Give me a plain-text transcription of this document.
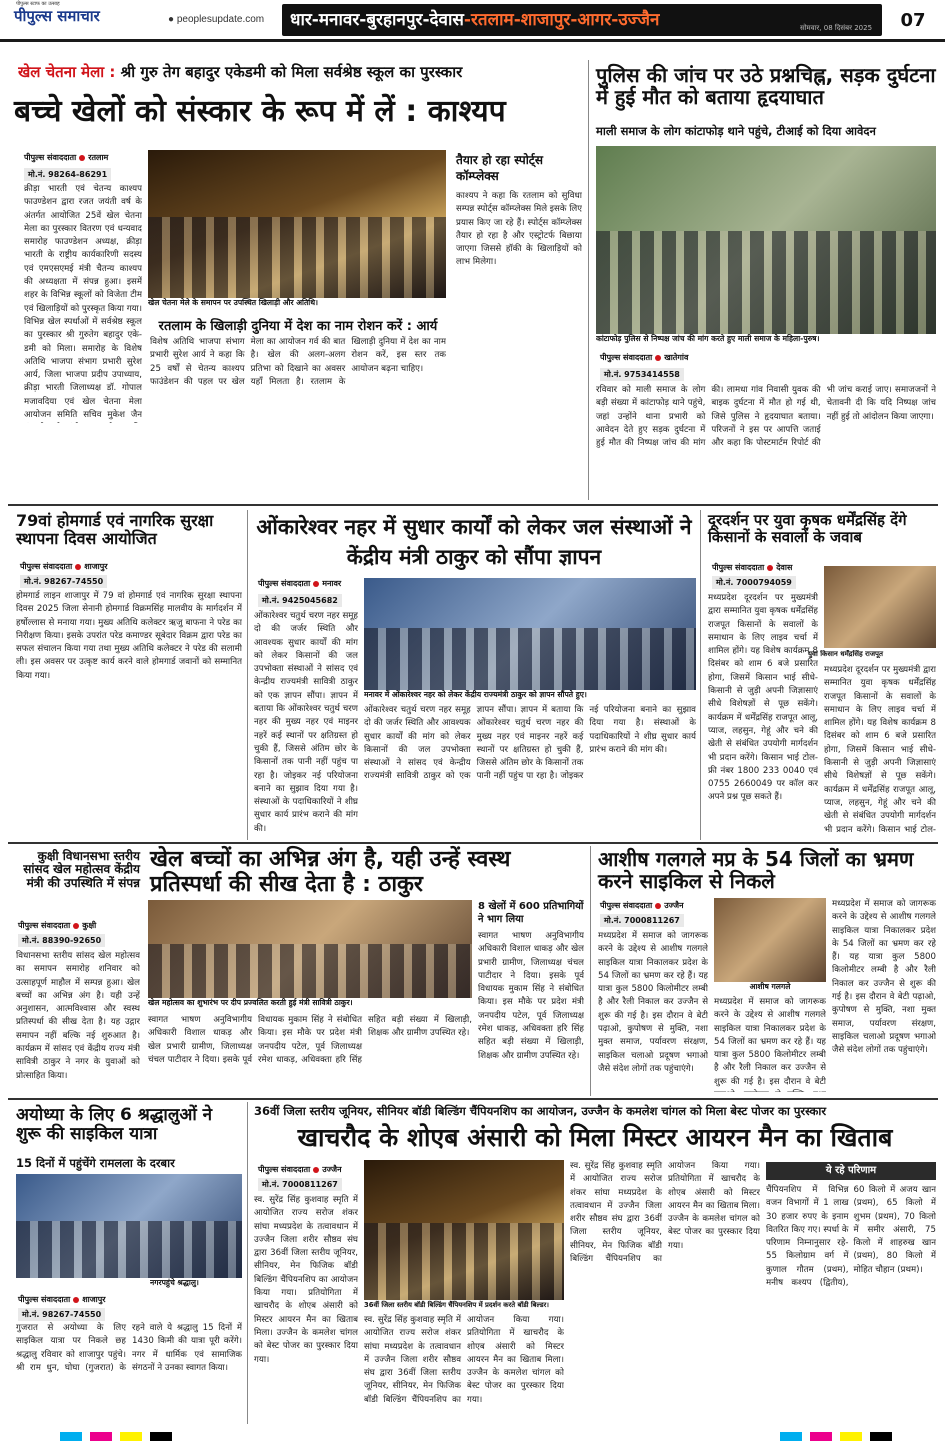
पीपुल्स स्टाफ का उत्साह
पीपुल्स समाचार	● peoplesupdate.com	धार-मनावर-बुरहानपुर-देवास-रतलाम-शाजापुर-आगर-उज्जैन	सोमवार, 08 दिसंबर 2025	07
खेल चेतना मेला : श्री गुरु तेग बहादुर एकेडमी को मिला सर्वश्रेष्ठ स्कूल का पुरस्कार
बच्चे खेलों को संस्कार के रूप में लें : काश्यप
पीपुल्स संवाददाता रतलाम
मो.नं. 98264-86291
क्रीड़ा भारती एवं चेतन्य काश्यप फाउण्डेशन द्वारा रजत जयंती वर्ष के अंतर्गत आयोजित 25वें खेल चेतना मेला का पुरस्कार वितरण एवं धन्यवाद समारोह फाउण्डेशन अध्यक्ष, क्रीड़ा भारती के राष्ट्रीय कार्यकारिणी सदस्य एवं एमएसएमई मंत्री चैतन्य काश्यप की अध्यक्षता में संपन्न हुआ। इसमें शहर के विभिन्न स्कूलों को विजेता टीम एवं खिलाड़ियों को पुरस्कृत किया गया। विभिन्न खेल स्पर्धाओं में सर्वश्रेष्ठ स्कूल का पुरस्कार श्री गुरुतेग बहादुर एके-डमी को मिला। समारोह के विशेष अतिथि भाजपा संभाग प्रभारी सुरेश आर्य, जिला भाजपा प्रदीप उपाध्याय, क्रीड़ा भारती जिलाध्यक्ष डॉ. गोपाल मजावदिया एवं खेल चेतना मेला आयोजन समिति सचिव मुकेश जैन
खेल चेतना मेले के समापन पर उपस्थित खिलाड़ी और अतिथि।
तैयार हो रहा स्पोर्ट्स कॉम्प्लेक्स
काश्यप ने कहा कि रतलाम को सुविधा सम्पन्न स्पोर्ट्स कॉम्प्लेक्स मिले इसके लिए प्रयास किए जा रहे हैं। स्पोर्ट्स कॉम्प्लेक्स तैयार हो रहा है और एस्ट्रोटर्फ बिछाया जाएगा जिससे हॉकी के खिलाड़ियों को लाभ मिलेगा।
रतलाम के खिलाड़ी दुनिया में देश का नाम रोशन करें : आर्य
विशेष अतिथि भाजपा संभाग प्रभारी सुरेश आर्य ने कहा कि 25 वर्षों से चेतन्य काश्यप फाउंडेशन की पहल पर खेल मेला का आयोजन गर्व की बात है। खेल की अलग-अलग प्रतिभा को दिखाने का अवसर यहाँ मिलता है। रतलाम के खिलाड़ी दुनिया में देश का नाम रोशन करें, इस स्तर तक आयोजन बढ़ना चाहिए।
पुलिस की जांच पर उठे प्रश्नचिह्न, सड़क दुर्घटना में हुई मौत को बताया हृदयाघात
माली समाज के लोग कांटाफोड़ थाने पहुंचे, टीआई को दिया आवेदन
कांटाफोड़ पुलिस से निष्पक्ष जांच की मांग करते हुए माली समाज के महिला-पुरुष।
पीपुल्स संवाददाता खातेगांव
मो.नं. 9753414558
रविवार को माली समाज के लोग बड़ी संख्या में कांटाफोड़ थाने पहुंचे, जहां उन्होंने थाना प्रभारी को आवेदन देते हुए सड़क दुर्घटना में हुई मौत की निष्पक्ष जांच की मांग की। लामधा गांव निवासी युवक की बाइक दुर्घटना में मौत हो गई थी, जिसे पुलिस ने हृदयाघात बताया। परिजनों ने इस पर आपत्ति जताई और कहा कि पोस्टमार्टम रिपोर्ट की भी जांच कराई जाए। समाजजनों ने चेतावनी दी कि यदि निष्पक्ष जांच नहीं हुई तो आंदोलन किया जाएगा।
79वां होमगार्ड एवं नागरिक सुरक्षा स्थापना दिवस आयोजित
पीपुल्स संवाददाता शाजापुर
मो.नं. 98267-74550
होमगार्ड लाइन शाजापुर में 79 वां होमगार्ड एवं नागरिक सुरक्षा स्थापना दिवस 2025 जिला सेनानी होमगार्ड विक्रमसिंह मालवीय के मार्गदर्शन में हर्षोल्लास से मनाया गया। मुख्य अतिथि कलेक्टर ऋजु बाफना ने परेड का निरीक्षण किया। इसके उपरांत परेड कमाण्डर सूबेदार विक्रम द्वारा परेड का सफल संचालन किया गया तथा मुख्य अतिथि कलेक्टर ने परेड की सलामी ली। इस अवसर पर उत्कृष्ट कार्य करने वाले होमगार्ड जवानों को सम्मानित किया गया।
ओंकारेश्वर नहर में सुधार कार्यों को लेकर जल संस्थाओं ने केंद्रीय मंत्री ठाकुर को सौंपा ज्ञापन
पीपुल्स संवाददाता मनावर
मो.नं. 9425045682
मनावर में ओंकारेश्वर नहर को लेकर केंद्रीय राज्यमंत्री ठाकुर को ज्ञापन सौंपते हुए।
ओंकारेश्वर चतुर्थ चरण नहर समूह दो की जर्जर स्थिति और आवश्यक सुधार कार्यों की मांग को लेकर किसानों की जल उपभोक्ता संस्थाओं ने सांसद एवं केन्द्रीय राज्यमंत्री सावित्री ठाकुर को एक ज्ञापन सौंपा। ज्ञापन में बताया कि ओंकारेश्वर चतुर्थ चरण नहर की मुख्य नहर एवं माइनर नहरें कई स्थानों पर क्षतिग्रस्त हो चुकी हैं, जिससे अंतिम छोर के किसानों तक पानी नहीं पहुंच पा रहा है। जोइकर नई परियोजना बनाने का सुझाव दिया गया है। संस्थाओं के पदाधिकारियों ने शीघ्र सुधार कार्य प्रारंभ कराने की मांग की।
ओंकारेश्वर चतुर्थ चरण नहर समूह दो की जर्जर स्थिति और आवश्यक सुधार कार्यों की मांग को लेकर किसानों की जल उपभोक्ता संस्थाओं ने सांसद एवं केन्द्रीय राज्यमंत्री सावित्री ठाकुर को एक ज्ञापन सौंपा। ज्ञापन में बताया कि ओंकारेश्वर चतुर्थ चरण नहर की मुख्य नहर एवं माइनर नहरें कई स्थानों पर क्षतिग्रस्त हो चुकी हैं, जिससे अंतिम छोर के किसानों तक पानी नहीं पहुंच पा रहा है। जोइकर नई परियोजना बनाने का सुझाव दिया गया है। संस्थाओं के पदाधिकारियों ने शीघ्र सुधार कार्य प्रारंभ कराने की मांग की।
दूरदर्शन पर युवा कृषक धर्मेंद्रसिंह देंगे किसानों के सवालों के जवाब
पीपुल्स संवाददाता देवास
मो.नं. 7000794059
युवा किसान धर्मेंद्रसिंह राजपूत
मध्यप्रदेश दूरदर्शन पर मुख्यमंत्री द्वारा सम्मानित युवा कृषक धर्मेंद्रसिंह राजपूत किसानों के सवालों के समाधान के लिए लाइव चर्चा में शामिल होंगे। यह विशेष कार्यक्रम 8 दिसंबर को शाम 6 बजे प्रसारित होगा, जिसमें किसान भाई सीधे-किसानी से जुड़ी अपनी जिज्ञासाएं सीधे विशेषज्ञों से पूछ सकेंगे। कार्यक्रम में धर्मेंद्रसिंह राजपूत आलू, प्याज, लहसुन, गेहूं और चने की खेती से संबंधित उपयोगी मार्गदर्शन भी प्रदान करेंगे। किसान भाई टोल-फ्री नंबर 1800 233 0040 एवं 0755 2660049 पर कॉल कर अपने प्रश्न पूछ सकते हैं।
मध्यप्रदेश दूरदर्शन पर मुख्यमंत्री द्वारा सम्मानित युवा कृषक धर्मेंद्रसिंह राजपूत किसानों के सवालों के समाधान के लिए लाइव चर्चा में शामिल होंगे। यह विशेष कार्यक्रम 8 दिसंबर को शाम 6 बजे प्रसारित होगा, जिसमें किसान भाई सीधे-किसानी से जुड़ी अपनी जिज्ञासाएं सीधे विशेषज्ञों से पूछ सकेंगे। कार्यक्रम में धर्मेंद्रसिंह राजपूत आलू, प्याज, लहसुन, गेहूं और चने की खेती से संबंधित उपयोगी मार्गदर्शन भी प्रदान करेंगे। किसान भाई टोल-
कुक्षी विधानसभा स्तरीय सांसद खेल महोत्सव केंद्रीय मंत्री की उपस्थिति में संपन्न
पीपुल्स संवाददाता कुक्षी
मो.नं. 88390-92650
विधानसभा स्तरीय सांसद खेल महोत्सव का समापन समारोह शनिवार को उत्साहपूर्ण माहौल में सम्पन्न हुआ। खेल बच्चों का अभिन्न अंग है। यही उन्हें अनुशासन, आत्मविश्वास और स्वस्थ प्रतिस्पर्धा की सीख देता है। यह उद्गार समापन नहीं बल्कि नई शुरुआत है। कार्यक्रम में सांसद एवं केंद्रीय राज्य मंत्री सावित्री ठाकुर ने नगर के युवाओं को प्रोत्साहित किया।
खेल बच्चों का अभिन्न अंग है, यही उन्हें स्वस्थ प्रतिस्पर्धा की सीख देता है : ठाकुर
खेल महोत्सव का शुभारंभ पर दीप प्रज्वलित करती हुई मंत्री सावित्री ठाकुर।
स्वागत भाषण अनुविभागीय अधिकारी विशाल धाकड़ और खेल प्रभारी ग्रामीण, जिलाध्यक्ष चंचल पाटीदार ने दिया। इसके पूर्व विधायक मुकाम सिंह ने संबोधित किया। इस मौके पर प्रदेश मंत्री जनपदीय पटेल, पूर्व जिलाध्यक्ष रमेश धाकड़, अधिवक्ता हरि सिंह सहित बड़ी संख्या में खिलाड़ी, शिक्षक और ग्रामीण उपस्थित रहे।
8 खेलों में 600 प्रतिभागियों ने भाग लिया
स्वागत भाषण अनुविभागीय अधिकारी विशाल धाकड़ और खेल प्रभारी ग्रामीण, जिलाध्यक्ष चंचल पाटीदार ने दिया। इसके पूर्व विधायक मुकाम सिंह ने संबोधित किया। इस मौके पर प्रदेश मंत्री जनपदीय पटेल, पूर्व जिलाध्यक्ष रमेश धाकड़, अधिवक्ता हरि सिंह सहित बड़ी संख्या में खिलाड़ी, शिक्षक और ग्रामीण उपस्थित रहे।
आशीष गलगले मप्र के 54 जिलों का भ्रमण करने साइकिल से निकले
पीपुल्स संवाददाता उज्जैन
मो.नं. 7000811267
आशीष गलगले
मध्यप्रदेश में समाज को जागरूक करने के उद्देश्य से आशीष गलगले साइकिल यात्रा निकालकर प्रदेश के 54 जिलों का भ्रमण कर रहे हैं। यह यात्रा कुल 5800 किलोमीटर लम्बी है और रैली निकाल कर उज्जैन से शुरू की गई है। इस दौरान वे बेटी पढ़ाओ, कुपोषण से मुक्ति, नशा मुक्त समाज, पर्यावरण संरक्षण, साइकिल चलाओ प्रदूषण भगाओ जैसे संदेश लोगों तक पहुंचाएंगे।
मध्यप्रदेश में समाज को जागरूक करने के उद्देश्य से आशीष गलगले साइकिल यात्रा निकालकर प्रदेश के 54 जिलों का भ्रमण कर रहे हैं। यह यात्रा कुल 5800 किलोमीटर लम्बी है और रैली निकाल कर उज्जैन से शुरू की गई है। इस दौरान वे बेटी
मध्यप्रदेश में समाज को जागरूक करने के उद्देश्य से आशीष गलगले साइकिल यात्रा निकालकर प्रदेश के 54 जिलों का भ्रमण कर रहे हैं। यह यात्रा कुल 5800 किलोमीटर लम्बी है और रैली निकाल कर उज्जैन से शुरू की गई है। इस दौरान वे बेटी पढ़ाओ, कुपोषण से मुक्ति, नशा मुक्त समाज, पर्यावरण संरक्षण, साइकिल चलाओ प्रदूषण भगाओ जैसे संदेश लोगों तक पहुंचाएंगे।
अयोध्या के लिए 6 श्रद्धालुओं ने शुरू की साइकिल यात्रा
15 दिनों में पहुंचेंगे रामलला के दरबार
नगरपहुंचे श्रद्धालु।
पीपुल्स संवाददाता शाजापुर
मो.नं. 98267-74550
गुजरात से अयोध्या के लिए साइकिल यात्रा पर निकले छह श्रद्धालु रविवार को शाजापुर पहुंचे। श्री राम धुन, घोघा (गुजरात) के रहने वाले ये श्रद्धालु 15 दिनों में 1430 किमी की यात्रा पूरी करेंगे। नगर में धार्मिक एवं सामाजिक संगठनों ने उनका स्वागत किया।
36वीं जिला स्तरीय जूनियर, सीनियर बॉडी बिल्डिंग चैंपियनशिप का आयोजन, उज्जैन के कमलेश चांगल को मिला बेस्ट पोजर का पुरस्कार
खाचरौद के शोएब अंसारी को मिला मिस्टर आयरन मैन का खिताब
पीपुल्स संवाददाता उज्जैन
मो.नं. 7000811267
स्व. सुरेंद्र सिंह कुशवाह स्मृति में आयोजित राज्य सरोज शंकर सांघा मध्यप्रदेश के तत्वावधान में उज्जैन जिला शरीर सौष्ठव संघ द्वारा 36वीं जिला स्तरीय जूनियर, सीनियर, मेन फिजिक बॉडी बिल्डिंग चैंपियनशिप का आयोजन किया गया। प्रतियोगिता में खाचरौद के शोएब अंसारी को मिस्टर आयरन मैन का खिताब मिला। उज्जैन के कमलेश चांगल को बेस्ट पोजर का पुरस्कार दिया गया।
36वीं जिला स्तरीय बॉडी बिल्डिंग चैंपियनशिप में प्रदर्शन करते बॉडी बिल्डर।
स्व. सुरेंद्र सिंह कुशवाह स्मृति में आयोजित राज्य सरोज शंकर सांघा मध्यप्रदेश के तत्वावधान में उज्जैन जिला शरीर सौष्ठव संघ द्वारा 36वीं जिला स्तरीय जूनियर, सीनियर, मेन फिजिक बॉडी बिल्डिंग चैंपियनशिप का आयोजन किया गया। प्रतियोगिता में खाचरौद के शोएब अंसारी को मिस्टर आयरन मैन का खिताब मिला। उज्जैन के कमलेश चांगल को बेस्ट पोजर का पुरस्कार दिया गया।
स्व. सुरेंद्र सिंह कुशवाह स्मृति में आयोजित राज्य सरोज शंकर सांघा मध्यप्रदेश के तत्वावधान में उज्जैन जिला शरीर सौष्ठव संघ द्वारा 36वीं जिला स्तरीय जूनियर, सीनियर, मेन फिजिक बॉडी बिल्डिंग चैंपियनशिप का आयोजन किया गया। प्रतियोगिता में खाचरौद के शोएब अंसारी को मिस्टर आयरन मैन का खिताब मिला। उज्जैन के कमलेश चांगल को बेस्ट पोजर का पुरस्कार दिया गया।
ये रहे परिणाम
चैंपियनशिप में विभिन्न वजन विभागों में 1 लाख 30 हजार रुपए के इनाम वितरित किए गए। स्पर्धा के परिणाम निम्नानुसार रहे- 55 किलोग्राम वर्ग में कुणाल गौतम (प्रथम), मनीष कश्यप (द्वितीय), 60 किलो में अजय खान (प्रथम), 65 किलो में शुभम (प्रथम), 70 किलो में समीर अंसारी, 75 किलो में शाहरुख खान (प्रथम), 80 किलो में मोहित चौहान (प्रथम)।
